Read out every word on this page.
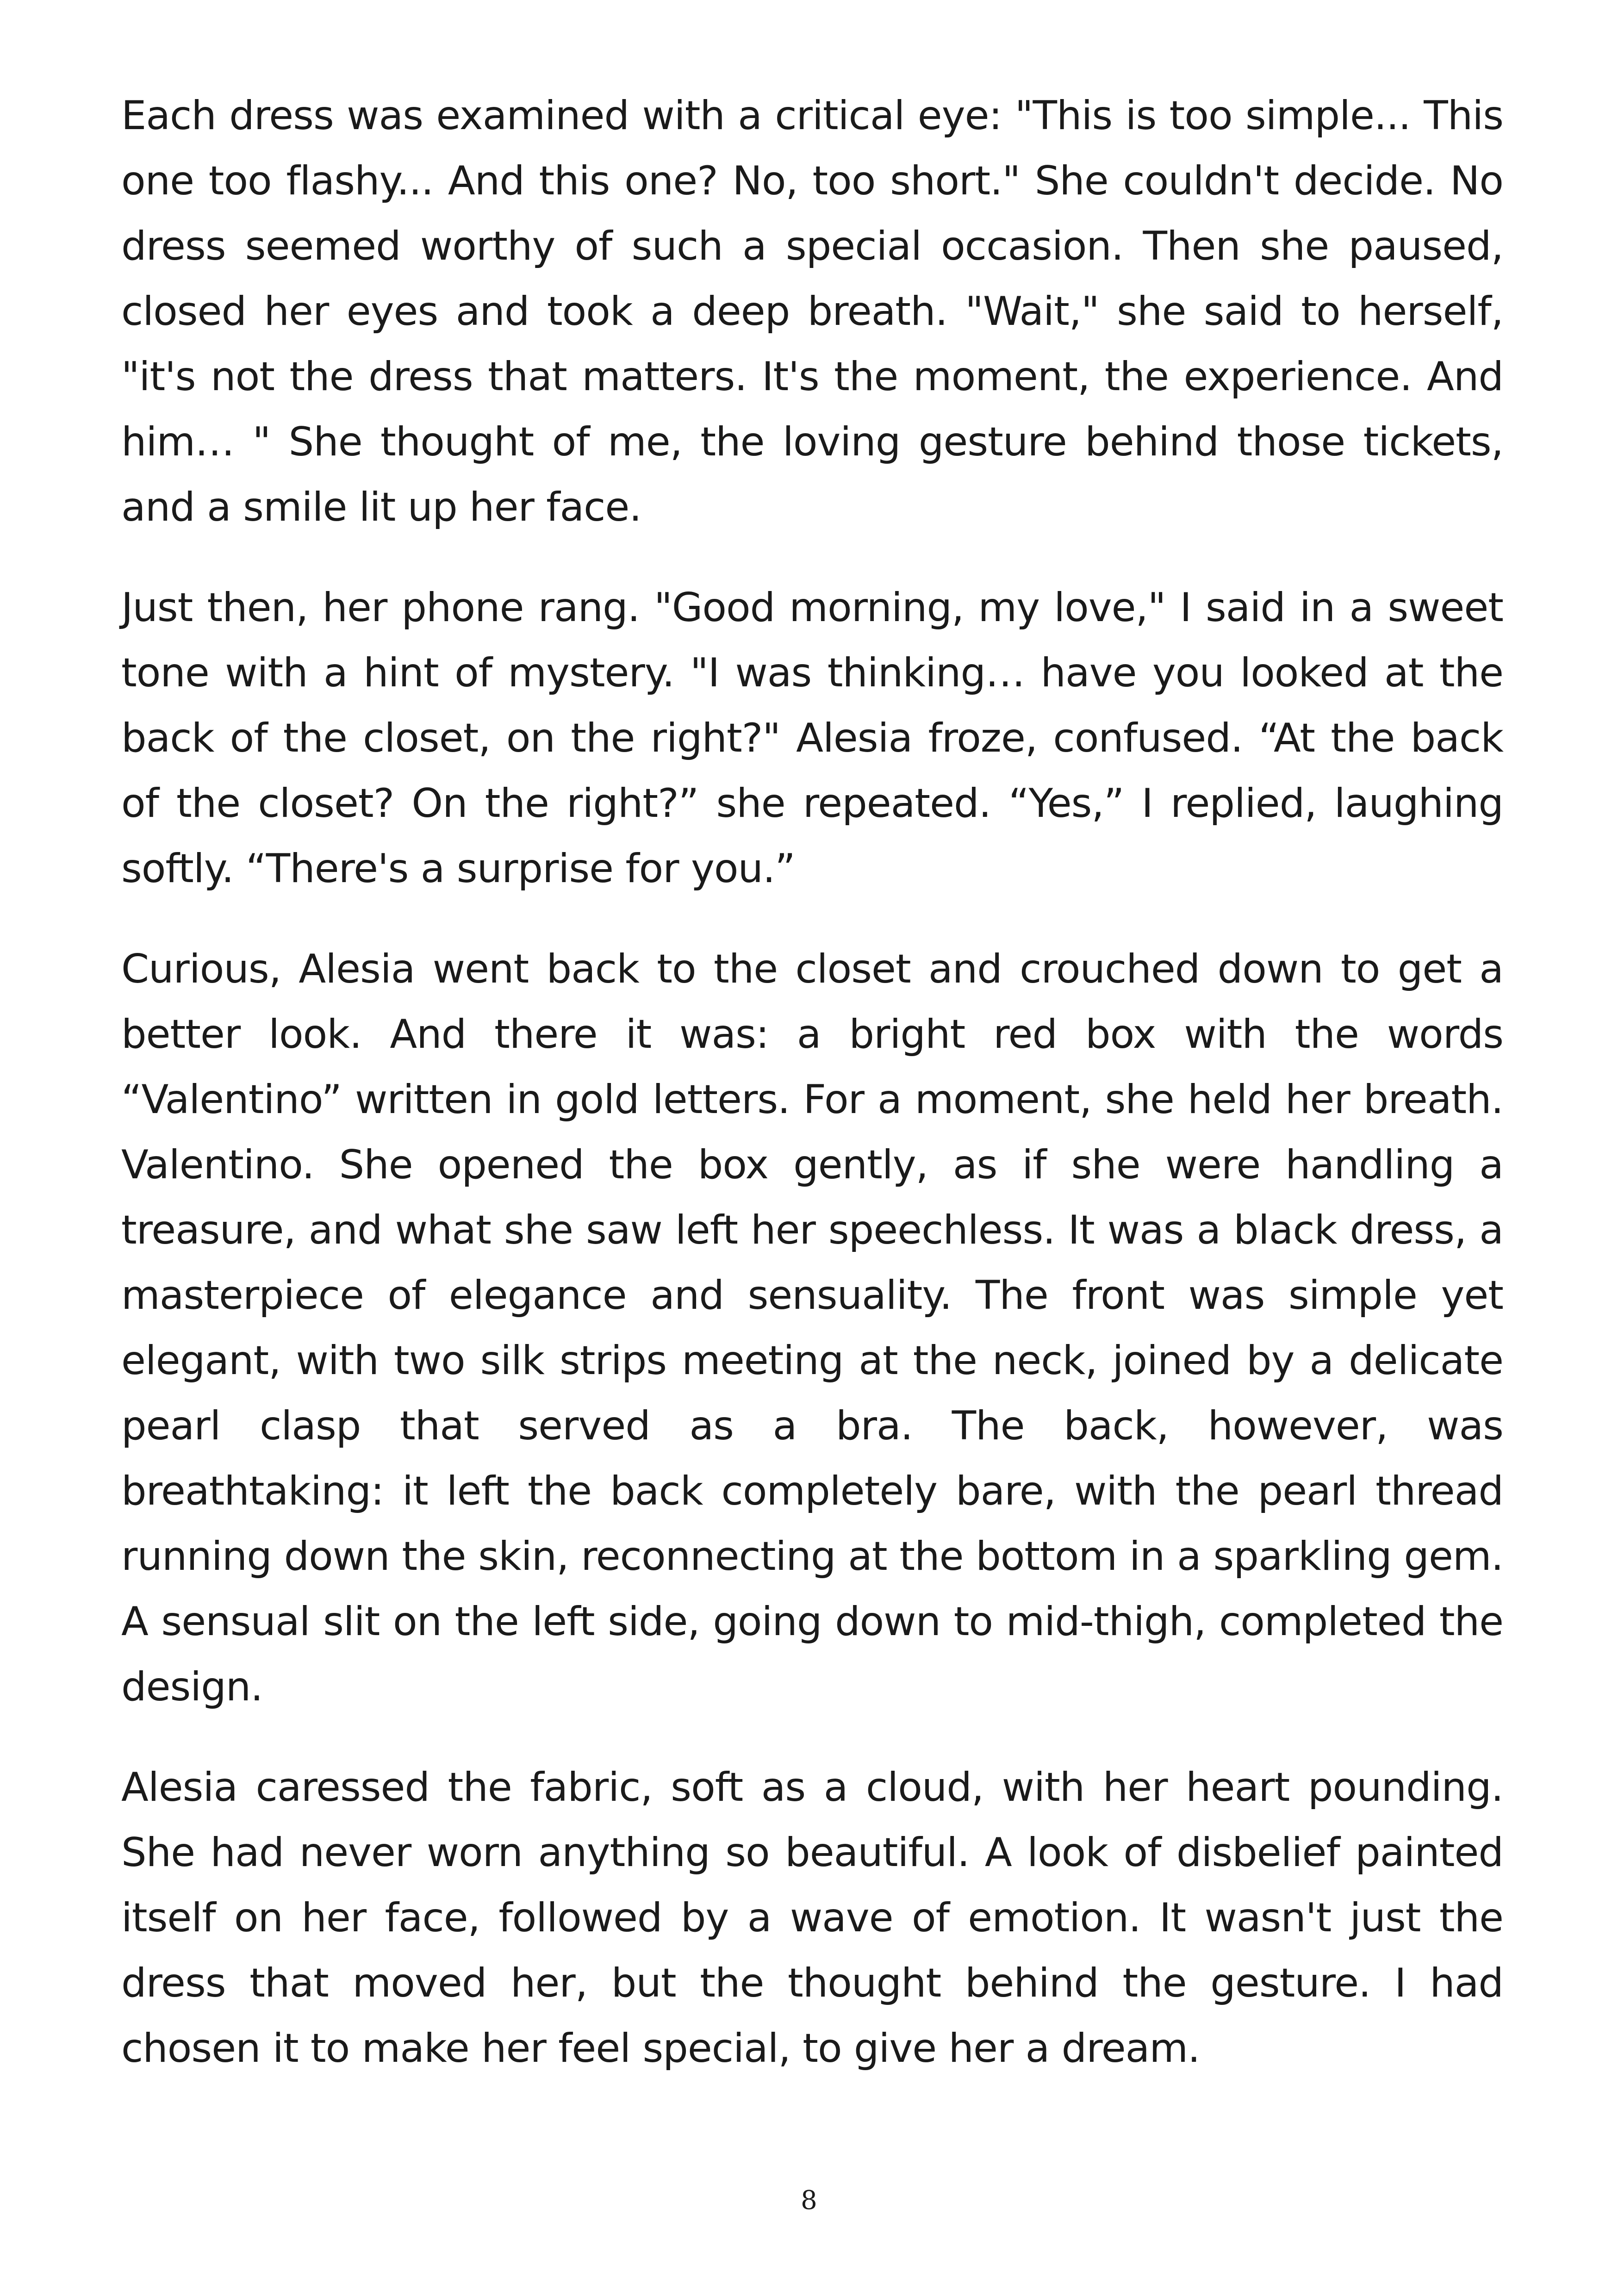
Each dress was examined with a critical eye: "This is too simple... This one too flashy... And this one? No, too short." She couldn't decide. No dress seemed worthy of such a special occasion. Then she paused, closed her eyes and took a deep breath. "Wait," she said to herself, "it's not the dress that matters. It's the moment, the experience. And him… " She thought of me, the loving gesture behind those tickets, and a smile lit up her face.

Just then, her phone rang. "Good morning, my love," I said in a sweet tone with a hint of mystery. "I was thinking… have you looked at the back of the closet, on the right?" Alesia froze, confused. “At the back of the closet? On the right?” she repeated. “Yes,” I replied, laughing softly. “There's a surprise for you.”

Curious, Alesia went back to the closet and crouched down to get a better look. And there it was: a bright red box with the words “Valentino” written in gold letters. For a moment, she held her breath. Valentino. She opened the box gently, as if she were handling a treasure, and what she saw left her speechless. It was a black dress, a masterpiece of elegance and sensuality. The front was simple yet elegant, with two silk strips meeting at the neck, joined by a delicate pearl clasp that served as a bra. The back, however, was breathtaking: it left the back completely bare, with the pearl thread running down the skin, reconnecting at the bottom in a sparkling gem. A sensual slit on the left side, going down to mid-thigh, completed the design.

Alesia caressed the fabric, soft as a cloud, with her heart pounding. She had never worn anything so beautiful. A look of disbelief painted itself on her face, followed by a wave of emotion. It wasn't just the dress that moved her, but the thought behind the gesture. I had chosen it to make her feel special, to give her a dream.

8
